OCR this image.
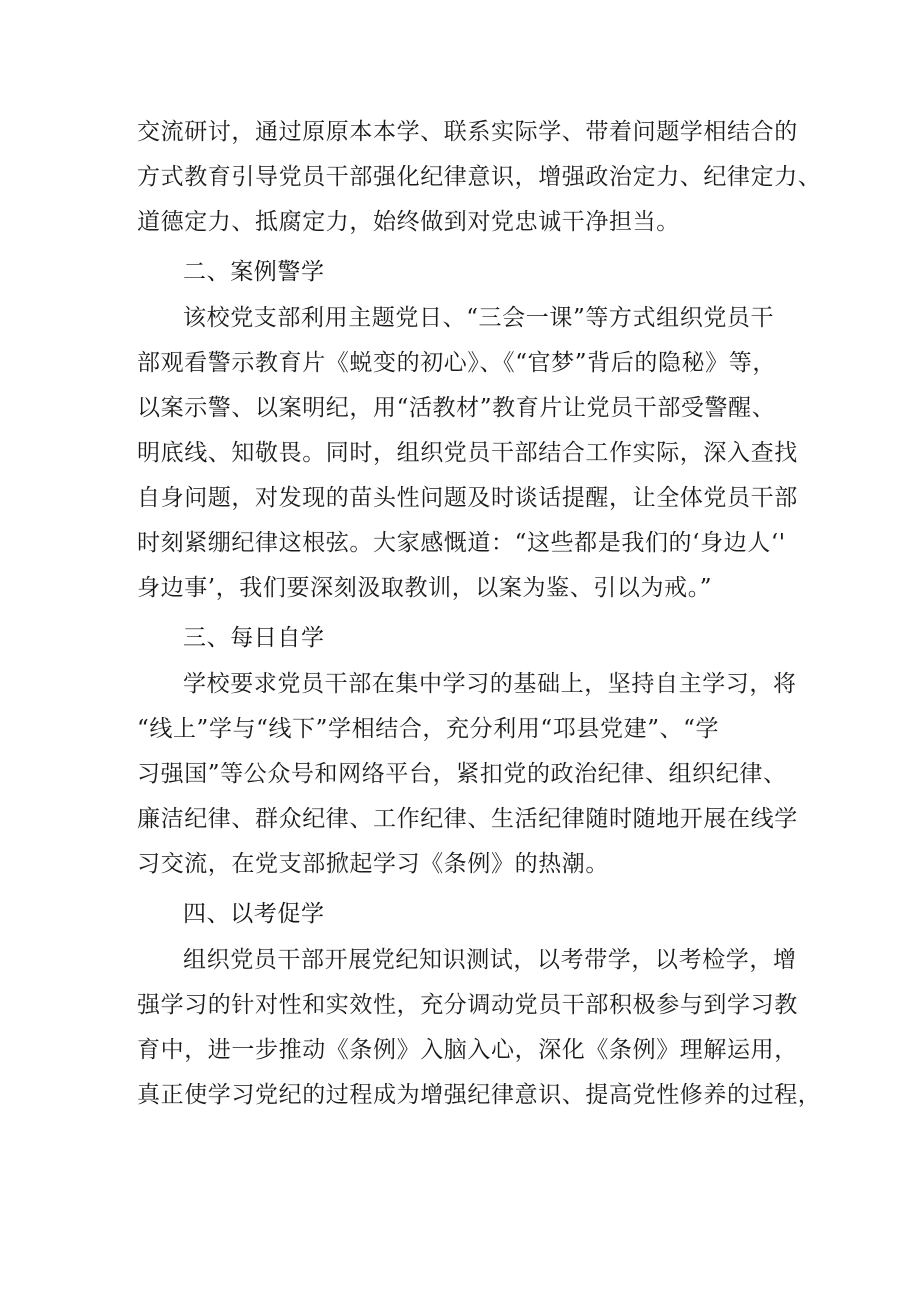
交流研讨，通过原原本本学、联系实际学、带着问题学相结合的
方式教育引导党员干部强化纪律意识，增强政治定力、纪律定力、
道德定力、抵腐定力，始终做到对党忠诚干净担当。
二、案例警学
该校党支部利用主题党日、“三会一课”等方式组织党员干
部观看警示教育片《蜕变的初心》、《“官梦”背后的隐秘》等，
以案示警、以案明纪，用“活教材”教育片让党员干部受警醒、
明底线、知敬畏。同时，组织党员干部结合工作实际，深入查找
自身问题，对发现的苗头性问题及时谈话提醒，让全体党员干部
时刻紧绷纪律这根弦。大家感慨道：“这些都是我们的‘身边人‘'
身边事’，我们要深刻汲取教训，以案为鉴、引以为戒。”
三、每日自学
学校要求党员干部在集中学习的基础上，坚持自主学习，将
“线上”学与“线下”学相结合，充分利用“邛县党建”、“学
习强国”等公众号和网络平台，紧扣党的政治纪律、组织纪律、
廉洁纪律、群众纪律、工作纪律、生活纪律随时随地开展在线学
习交流，在党支部掀起学习《条例》的热潮。
四、以考促学
组织党员干部开展党纪知识测试，以考带学，以考检学，增
强学习的针对性和实效性，充分调动党员干部积极参与到学习教
育中，进一步推动《条例》入脑入心，深化《条例》理解运用，
真正使学习党纪的过程成为增强纪律意识、提高党性修养的过程，
